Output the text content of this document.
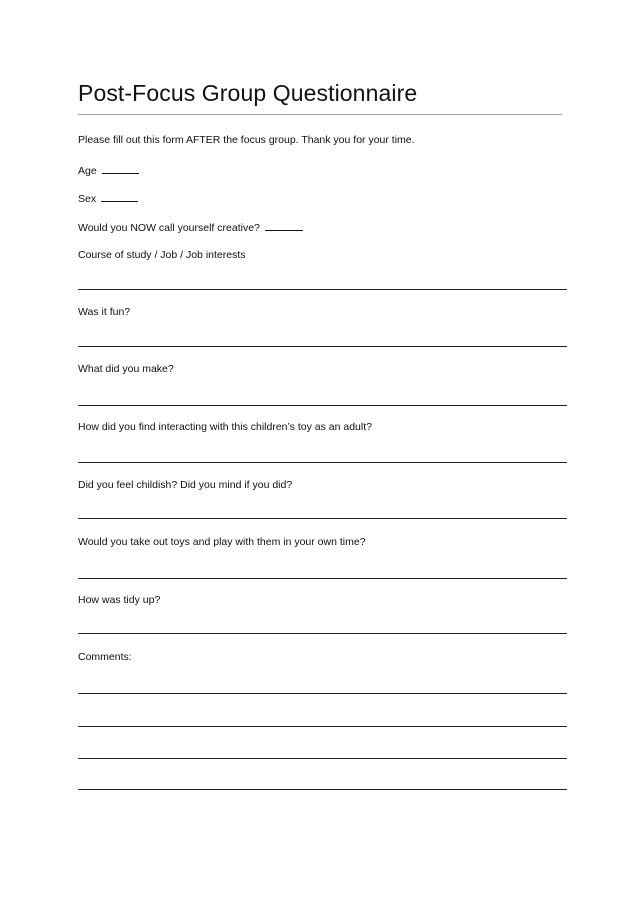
Post-Focus Group Questionnaire
Please fill out this form AFTER the focus group. Thank you for your time.
Age
Sex
Would you NOW call yourself creative?
Course of study / Job / Job interests
Was it fun?
What did you make?
How did you find interacting with this children’s toy as an adult?
Did you feel childish? Did you mind if you did?
Would you take out toys and play with them in your own time?
How was tidy up?
Comments:
